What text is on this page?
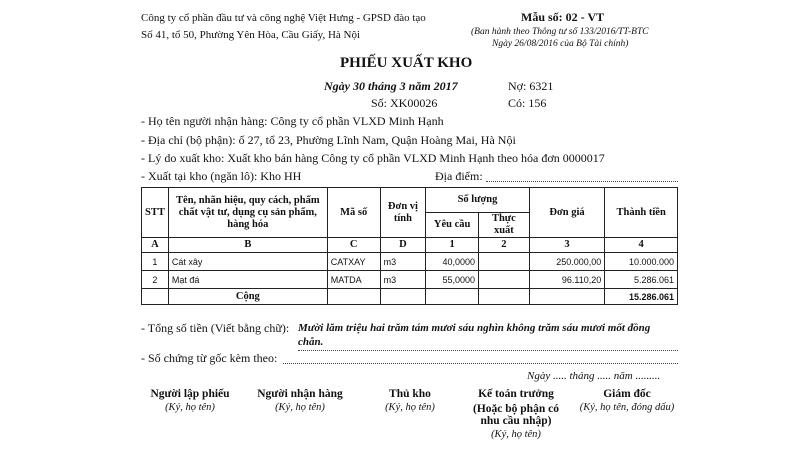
Công ty cổ phần đầu tư và công nghệ Việt Hưng - GPSD đào tạo
Số 41, tổ 50, Phường Yên Hòa, Cầu Giấy, Hà Nội
Mẫu số: 02 - VT
(Ban hành theo Thông tư số 133/2016/TT-BTC
Ngày 26/08/2016 của Bộ Tài chính)
PHIẾU XUẤT KHO
Ngày 30 tháng 3 năm 2017
Số: XK00026
Nợ: 6321
Có: 156
- Họ tên người nhận hàng: Công ty cổ phần VLXD Minh Hạnh
- Địa chỉ (bộ phận): ố 27, tổ 23, Phường Lĩnh Nam, Quận Hoàng Mai, Hà Nội
- Lý do xuất kho: Xuất kho bán hàng Công ty cổ phần VLXD Minh Hạnh theo hóa đơn 0000017
- Xuất tại kho (ngăn lô): Kho HH	Địa điểm:
STT	Tên, nhãn hiệu, quy cách, phẩm chất vật tư, dụng cụ sản phẩm, hàng hóa	Mã số	Đơn vị tính	Số lượng		Đơn giá	Thành tiền
				Yêu cầu	Thực xuất		
A	B	C	D	1	2	3	4
1	Cát xây	CATXAY	m3	40,0000		250.000,00	10.000.000
2	Mạt đá	MATDA	m3	55,0000		96.110,20	5.286.061
	Cộng						15.286.061
- Tổng số tiền (Viết bằng chữ): Mười lăm triệu hai trăm tám mươi sáu nghìn không trăm sáu mươi mốt đồng
chẵn.
- Số chứng từ gốc kèm theo:
Ngày ..... tháng ..... năm .........
Người lập phiếu
(Ký, họ tên)
Người nhận hàng
(Ký, họ tên)
Thủ kho
(Ký, họ tên)
Kế toán trưởng
(Hoặc bộ phận có
nhu cầu nhập)
(Ký, họ tên)
Giám đốc
(Ký, họ tên, đóng dấu)
